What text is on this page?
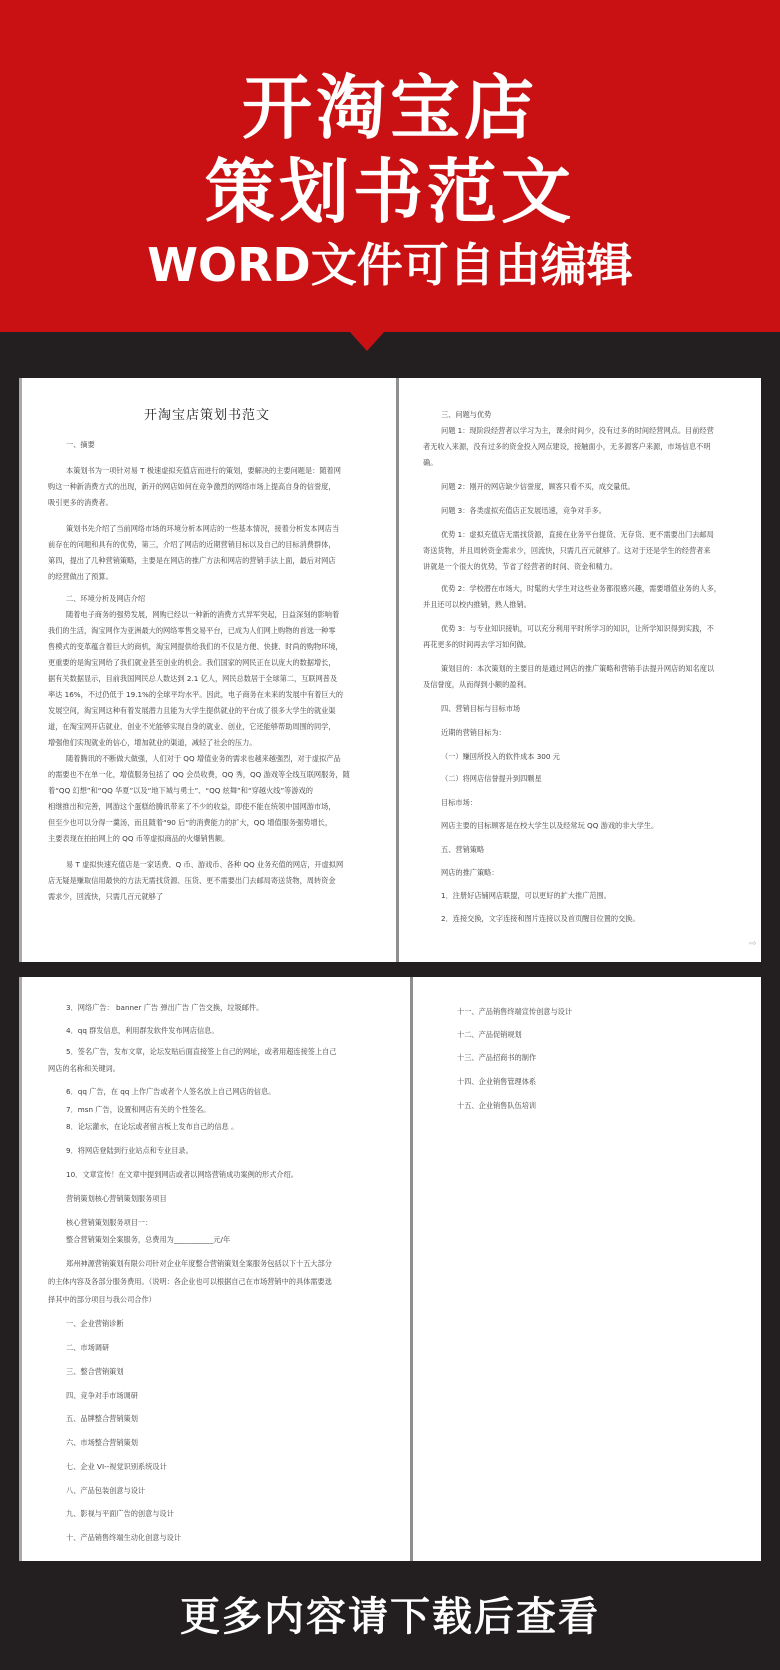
开淘宝店
策划书范文
WORD文件可自由编辑
开淘宝店策划书范文

一、摘要

本策划书为一项针对易 T 极速虚拟充值店而进行的策划，要解决的主要问题是：随着网

购这一种新消费方式的出现，新开的网店如何在竞争激烈的网络市场上提高自身的信誉度，

吸引更多的消费者。

策划书先介绍了当前网络市场的环境分析本网店的一些基本情况，接着分析发本网店当

前存在的问题和具有的优势，第三，介绍了网店的近期营销目标以及自己的目标消费群体，

第四，提出了几种营销策略，主要是在网店的推广方法和网店的营销手法上面，最后对网店

的经营做出了预算。

二、环境分析及网店介绍

随着电子商务的强势发展，网购已经以一种新的消费方式异军突起，日益深刻的影响着

我们的生活，淘宝网作为亚洲最大的网络零售交易平台，已成为人们网上购物的首选一种零

售模式的变革蕴含着巨大的商机，淘宝网提供给我们的不仅是方便、快捷、时尚的购物环境，

更重要的是淘宝网给了我们就业甚至创业的机会。我们国家的网民正在以庞大的数据增长，

据有关数据显示，目前我国网民总人数达到 2.1 亿人，网民总数居于全球第二，互联网普及

率达 16%，不过仍低于 19.1%的全球平均水平。因此，电子商务在未来的发展中有着巨大的

发展空间，淘宝网这种有着发展潜力且能为大学生提供就业的平台成了很多大学生的就业渠

道，在淘宝网开店就业、创业不光能够实现自身的就业、创业，它还能够帮助周围的同学，

增强他们实现就业的信心，增加就业的渠道，减轻了社会的压力。

随着腾讯的不断做大做强，人们对于 QQ 增值业务的需求也越来越强烈，对于虚拟产品

的需要也不在单一化，增值服务包括了 QQ 会员收费，QQ 秀，QQ 游戏等全线互联网服务，随

着“QQ 幻想”和“QQ 华夏”以及“地下城与勇士”、“QQ 炫舞”和“穿越火线”等游戏的

相继推出和完善，网游这个蛋糕给腾讯带来了不少的收益，即使不能在统领中国网游市场，

但至少也可以分得一羹汤，而且随着“90 后”的消费能力的扩大，QQ 增值服务强势增长，

主要表现在拍拍网上的 QQ 币等虚拟商品的火爆销售额。

易 T 虚拟快速充值店是一家话费、Q 币、游戏币、各种 QQ 业务充值的网店，开虚拟网

店无疑是赚取信用最快的方法无需找货源、压货、更不需要出门去邮局寄送货物，周转资金

需求少，回流快，只需几百元就够了

三、问题与优势

问题 1：现阶段经营者以学习为主，课余时间少，没有过多的时间经营网点。目前经营

者无收入来源，没有过多的资金投入网点建设，接触面小，无多源客户来源，市场信息不明

确。

问题 2：刚开的网店缺少信誉度，顾客只看不买，成交量低。

问题 3：各类虚拟充值店正发展迅速，竞争对手多。

优势 1：虚拟充值店无需找货源，直接在业务平台提货、无存货、更不需要出门去邮局

寄送货物，并且周转资金需求少，回流快，只需几百元就够了。这对于还是学生的经营者来

讲就是一个很大的优势，节省了经营者的时间、资金和精力。

优势 2：学校潜在市场大，时髦的大学生对这些业务都很感兴趣，需要增值业务的人多，

并且还可以校内推销，熟人推销。

优势 3：与专业知识接轨，可以充分利用平时所学习的知识，让所学知识得到实践，不

再花更多的时间再去学习如何做。

策划目的：本次策划的主要目的是通过网店的推广策略和营销手法提升网店的知名度以

及信誉度，从而得到小额的盈利。

四、营销目标与目标市场

近期的营销目标为：

（一）赚回所投入的软件成本 300 元

（二）将网店信誉提升到四颗星

目标市场：

网店主要的目标顾客是在校大学生以及经常玩 QQ 游戏的非大学生。

五、营销策略

网店的推广策略：

1．注册好店铺网店联盟，可以更好的扩大推广范围。

2．连接交换，文字连接和图片连接以及首页醒目位置的交换。

⇨

3．网络广告： banner 广告 弹出广告 广告交换，垃圾邮件。

4．qq 群发信息，利用群发软件发布网店信息。

5．签名广告，发布文章，论坛发贴后面直接签上自己的网址，或者用超连接签上自己

网店的名称和关键词。

6．qq 广告，在 qq 上作广告或者个人签名放上自己网店的信息。

7．msn 广告，设置和网店有关的个性签名。

8．论坛灌水，在论坛或者留言板上发布自己的信息 。

9．将网店登陆到行业站点和专业目录。

10．文章宣传！在文章中提到网店或者以网络营销成功案例的形式介绍。

营销策划核心营销策划服务项目

核心营销策划服务项目一：

整合营销策划全案服务，总费用为___________元/年

郑州神源营销策划有限公司针对企业年度整合营销策划全案服务包括以下十五大部分

的主体内容及各部分服务费用。（说明：各企业也可以根据自己在市场营销中的具体需要选

择其中的部分项目与我公司合作）

一、企业营销诊断

二、市场调研

三、整合营销策划

四、竞争对手市场调研

五、品牌整合营销策划

六、市场整合营销策划

七、企业 VI--视觉识别系统设计

八、产品包装创意与设计

九、影视与平面广告的创意与设计

十、产品销售终端生动化创意与设计

十一、产品销售终端宣传创意与设计

十二、产品促销规划

十三、产品招商书的制作

十四、企业销售管理体系

十五、企业销售队伍培训

更多内容请下载后查看
